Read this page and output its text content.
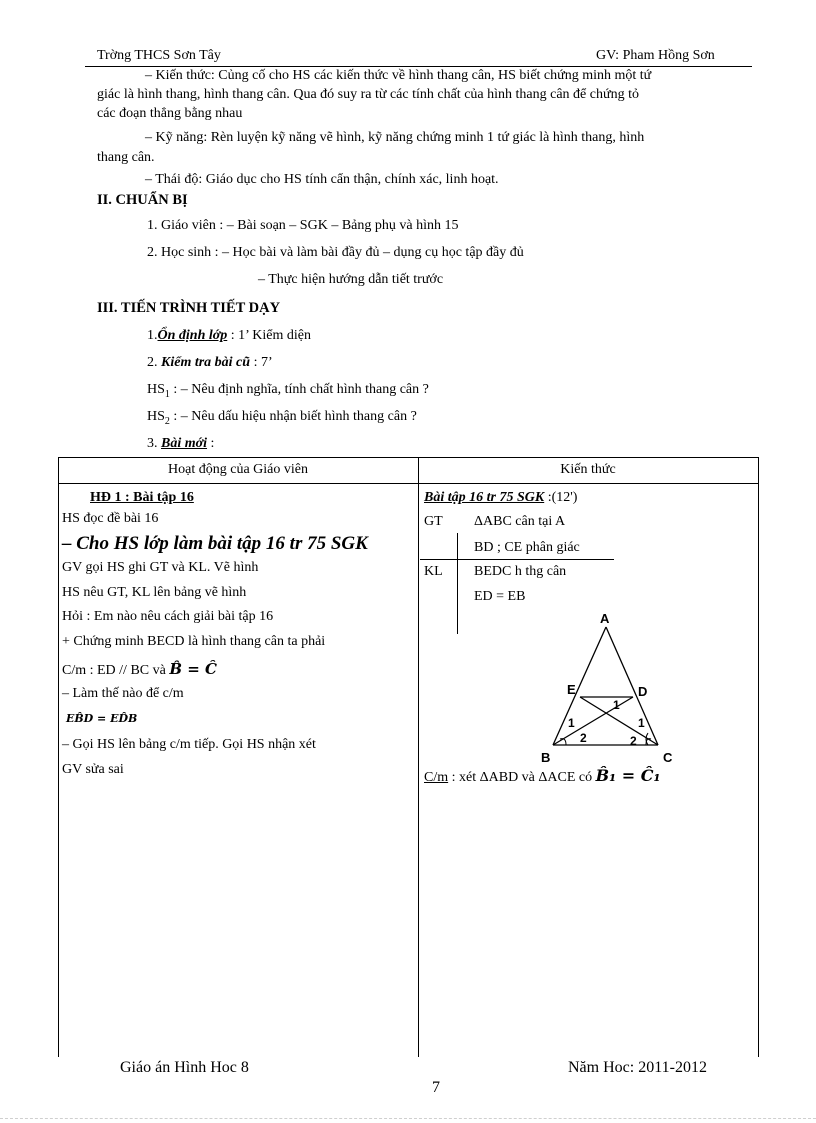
Trờng THCS Sơn Tây	GV: Pham Hồng Sơn
– Kiến thức: Củng cố cho HS các kiến thức về hình thang cân, HS biết chứng minh một tứ
giác là hình thang, hình thang cân. Qua đó suy ra từ các tính chất của hình thang cân để chứng tỏ
các đoạn thẳng bằng nhau
– Kỹ năng: Rèn luyện kỹ năng vẽ hình, kỹ năng chứng minh 1 tứ giác là hình thang, hình
thang cân.
– Thái độ: Giáo dục cho HS tính cẩn thận, chính xác, linh hoạt.
II. CHUẨN BỊ
1. Giáo viên : – Bài soạn – SGK – Bảng phụ và hình 15
2. Học sinh : – Học bài và làm bài đầy đủ – dụng cụ học tập đầy đủ
– Thực hiện hướng dẫn tiết trước
III. TIẾN TRÌNH TIẾT DẠY
1.Ổn định lớp : 1’ Kiểm diện
2. Kiểm tra bài cũ : 7’
$HS_1$ : – Nêu định nghĩa, tính chất hình thang cân ?
$HS_2$ : – Nêu dấu hiệu nhận biết hình thang cân ?
3. Bài mới :
Hoạt động của Giáo viên	Kiến thức
HĐ 1 : Bài tập 16
HS đọc đề bài 16
– Cho HS lớp làm bài tập 16 tr 75 SGK
GV gọi HS ghi GT và KL. Vẽ hình
HS nêu GT, KL lên bảng vẽ hình
Hỏi : Em nào nêu cách giải bài tập 16
+ Chứng minh BECD là hình thang cân ta phải
C/m : ED // BC và B̂ = Ĉ
– Làm thế nào để c/m
EB̂D = ED̂B
– Gọi HS lên bảng c/m tiếp. Gọi HS nhận xét
GV sửa sai
Bài tập 16 tr 75 SGK :(12')
GT ΔABC cân tại A
BD ; CE phân giác
KL BEDC h thg cân
ED = EB
A
E	D
B	C
1
1	1
2	2
C/m : xét ΔABD và ΔACE có B̂₁ = Ĉ₁
Giáo án Hình Hoc 8
7
Năm Hoc: 2011-2012
